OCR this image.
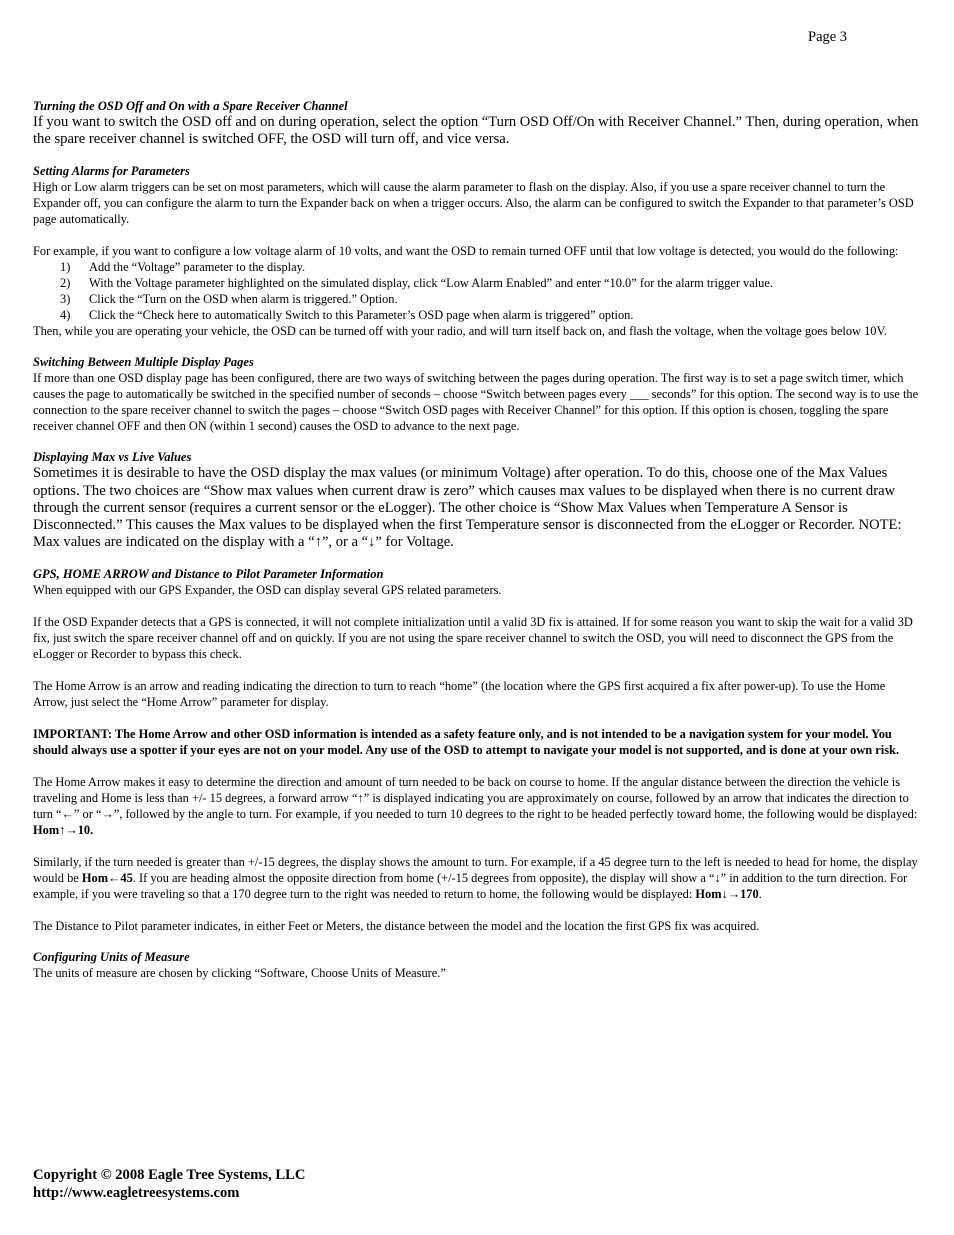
Page 3

Turning the OSD Off and On with a Spare Receiver Channel

If you want to switch the OSD off and on during operation, select the option “Turn OSD Off/On with Receiver Channel.” Then, during operation, when the spare receiver channel is switched OFF, the OSD will turn off, and vice versa.

Setting Alarms for Parameters

High or Low alarm triggers can be set on most parameters, which will cause the alarm parameter to flash on the display. Also, if you use a spare receiver channel to turn the Expander off, you can configure the alarm to turn the Expander back on when a trigger occurs. Also, the alarm can be configured to switch the Expander to that parameter’s OSD page automatically.

For example, if you want to configure a low voltage alarm of 10 volts, and want the OSD to remain turned OFF until that low voltage is detected, you would do the following:

1)	Add the “Voltage” parameter to the display.
2)	With the Voltage parameter highlighted on the simulated display, click “Low Alarm Enabled” and enter “10.0” for the alarm trigger value.
3)	Click the “Turn on the OSD when alarm is triggered.” Option.
4)	Click the “Check here to automatically Switch to this Parameter’s OSD page when alarm is triggered” option.

Then, while you are operating your vehicle, the OSD can be turned off with your radio, and will turn itself back on, and flash the voltage, when the voltage goes below 10V.

Switching Between Multiple Display Pages

If more than one OSD display page has been configured, there are two ways of switching between the pages during operation. The first way is to set a page switch timer, which causes the page to automatically be switched in the specified number of seconds – choose “Switch between pages every ___ seconds” for this option. The second way is to use the connection to the spare receiver channel to switch the pages – choose “Switch OSD pages with Receiver Channel” for this option. If this option is chosen, toggling the spare receiver channel OFF and then ON (within 1 second) causes the OSD to advance to the next page.

Displaying Max vs Live Values

Sometimes it is desirable to have the OSD display the max values (or minimum Voltage) after operation. To do this, choose one of the Max Values options. The two choices are “Show max values when current draw is zero” which causes max values to be displayed when there is no current draw through the current sensor (requires a current sensor or the eLogger). The other choice is “Show Max Values when Temperature A Sensor is Disconnected.” This causes the Max values to be displayed when the first Temperature sensor is disconnected from the eLogger or Recorder. NOTE: Max values are indicated on the display with a “↑”, or a “↓” for Voltage.

GPS, HOME ARROW and Distance to Pilot Parameter Information

When equipped with our GPS Expander, the OSD can display several GPS related parameters.

If the OSD Expander detects that a GPS is connected, it will not complete initialization until a valid 3D fix is attained. If for some reason you want to skip the wait for a valid 3D fix, just switch the spare receiver channel off and on quickly. If you are not using the spare receiver channel to switch the OSD, you will need to disconnect the GPS from the eLogger or Recorder to bypass this check.

The Home Arrow is an arrow and reading indicating the direction to turn to reach “home” (the location where the GPS first acquired a fix after power-up). To use the Home Arrow, just select the “Home Arrow” parameter for display.

IMPORTANT: The Home Arrow and other OSD information is intended as a safety feature only, and is not intended to be a navigation system for your model. You should always use a spotter if your eyes are not on your model. Any use of the OSD to attempt to navigate your model is not supported, and is done at your own risk.

The Home Arrow makes it easy to determine the direction and amount of turn needed to be back on course to home. If the angular distance between the direction the vehicle is traveling and Home is less than +/- 15 degrees, a forward arrow “↑” is displayed indicating you are approximately on course, followed by an arrow that indicates the direction to turn “←” or “→”, followed by the angle to turn. For example, if you needed to turn 10 degrees to the right to be headed perfectly toward home, the following would be displayed: Hom↑→10.

Similarly, if the turn needed is greater than +/-15 degrees, the display shows the amount to turn. For example, if a 45 degree turn to the left is needed to head for home, the display would be Hom←45. If you are heading almost the opposite direction from home (+/-15 degrees from opposite), the display will show a “↓” in addition to the turn direction. For example, if you were traveling so that a 170 degree turn to the right was needed to return to home, the following would be displayed: Hom↓→170.

The Distance to Pilot parameter indicates, in either Feet or Meters, the distance between the model and the location the first GPS fix was acquired.

Configuring Units of Measure

The units of measure are chosen by clicking “Software, Choose Units of Measure.”

Copyright © 2008 Eagle Tree Systems, LLC
http://www.eagletreesystems.com
